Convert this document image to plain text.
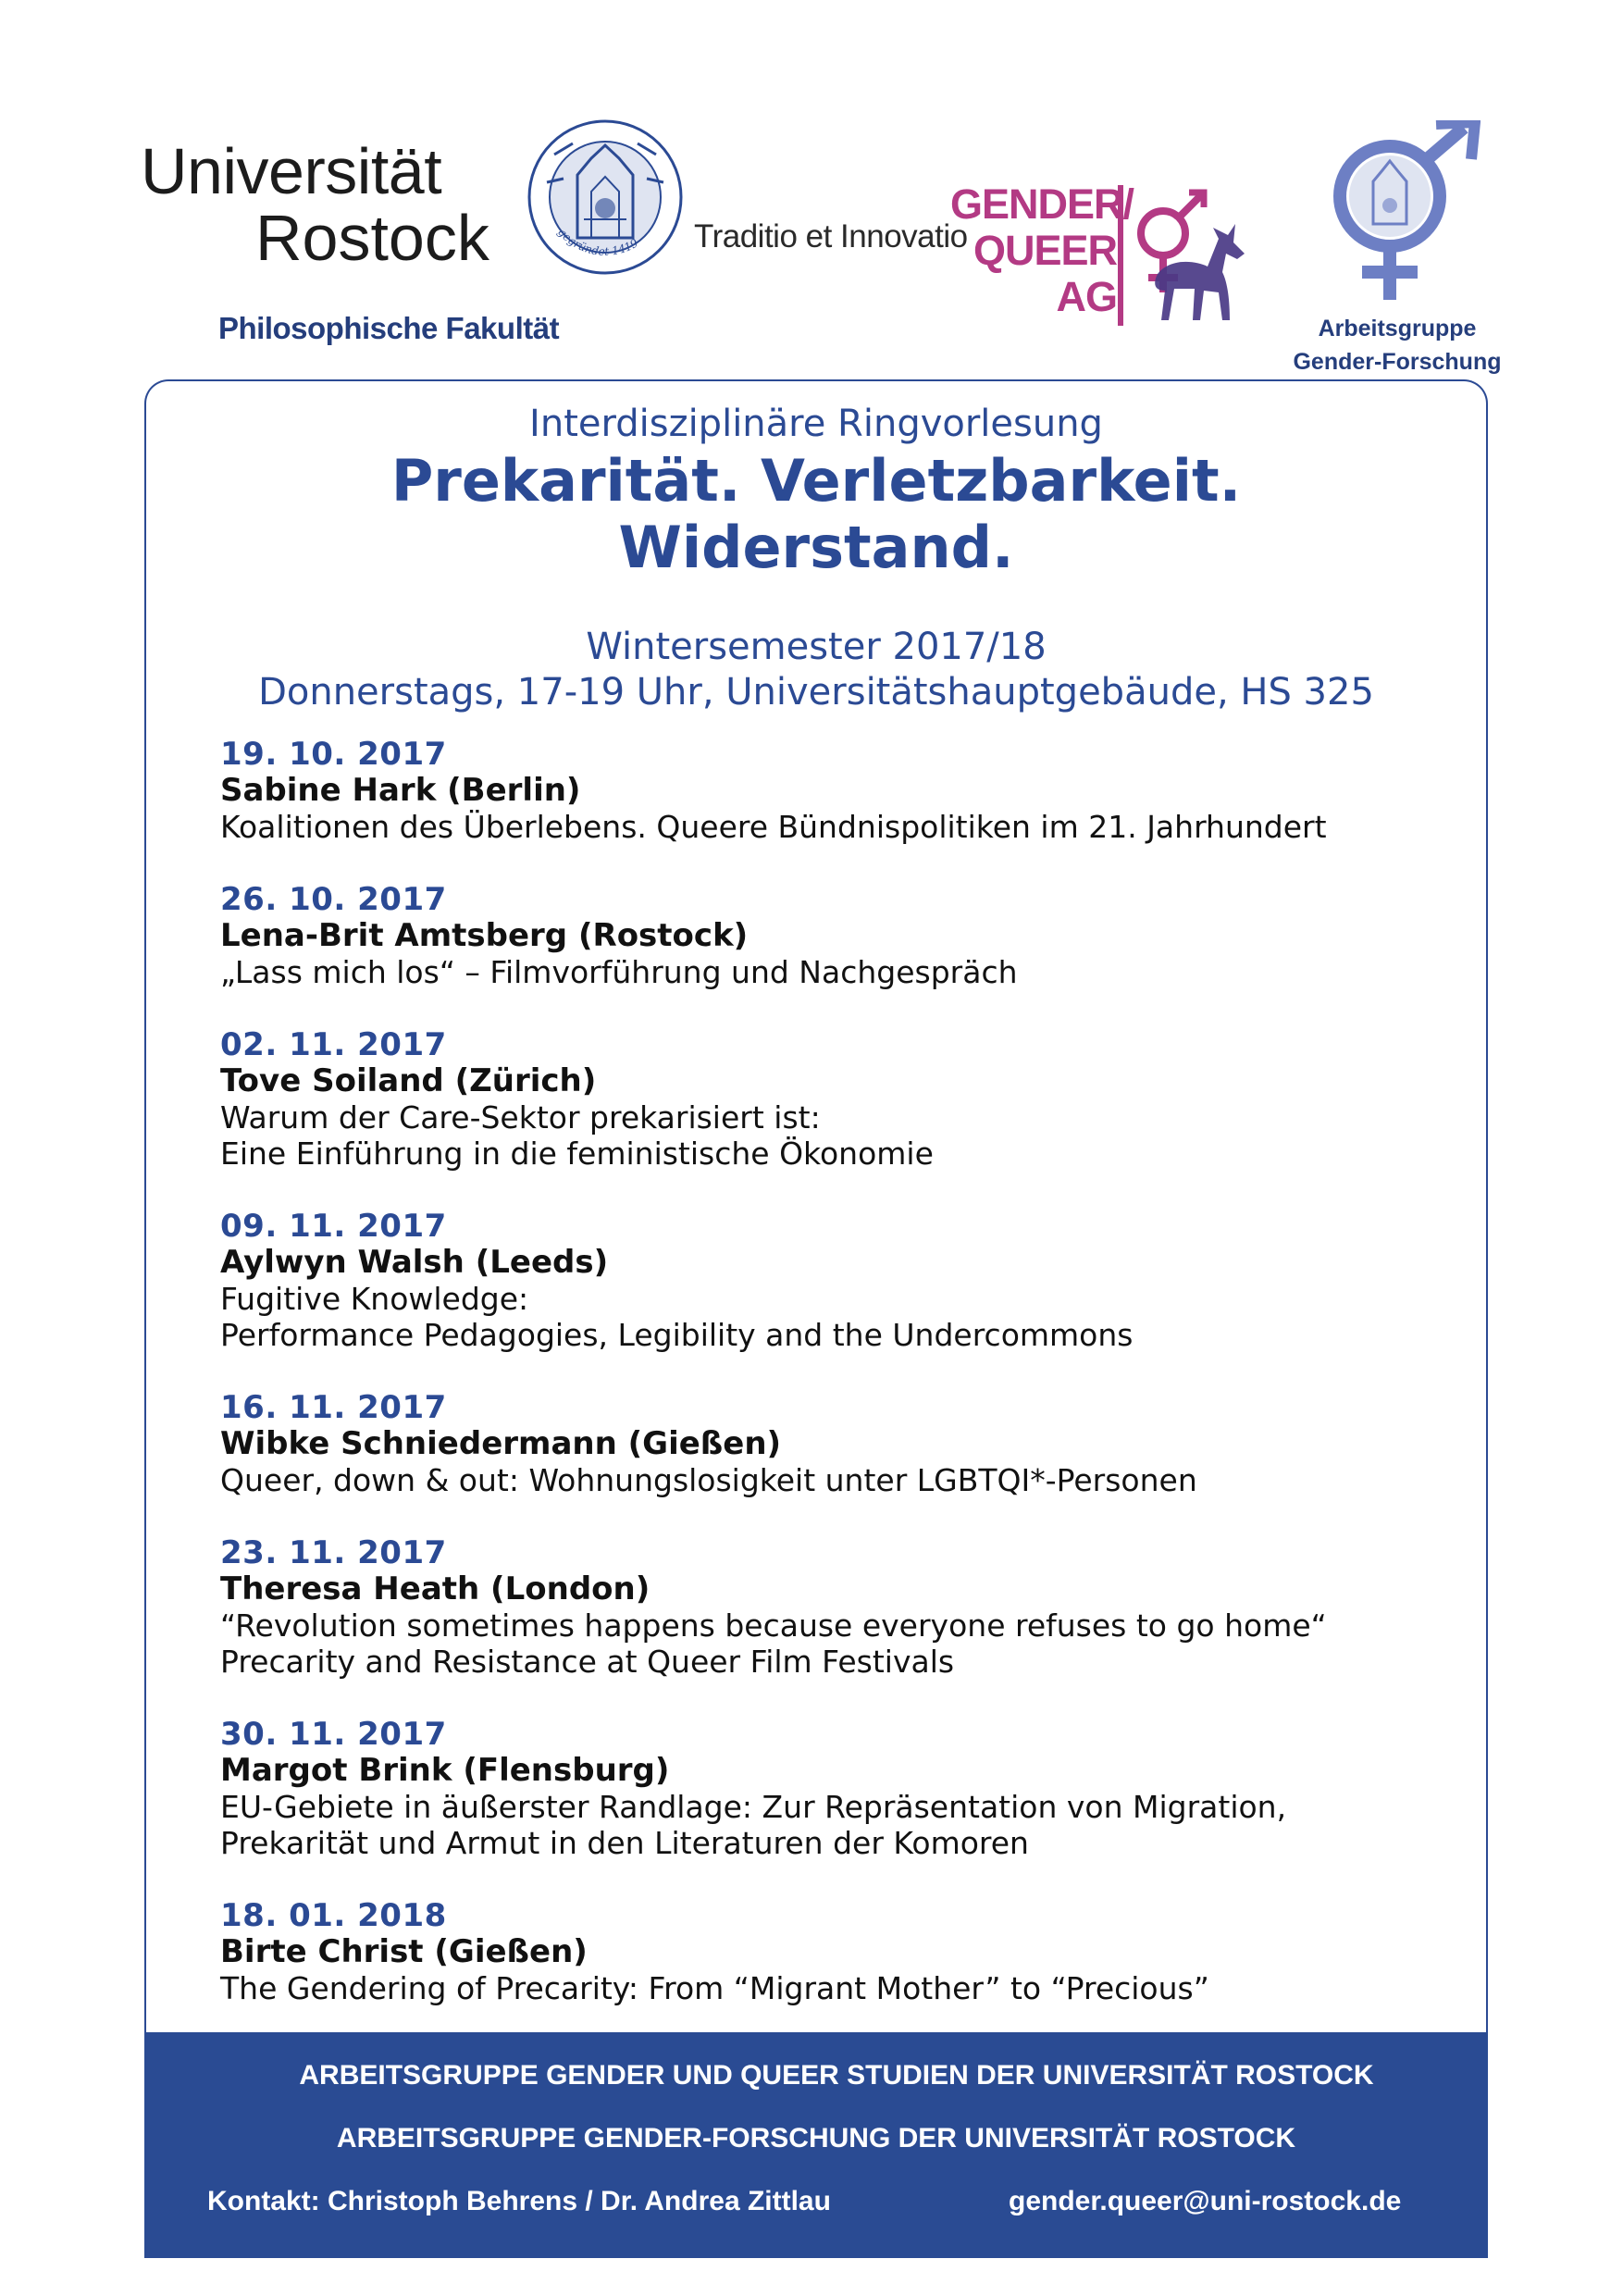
Universität
Rostock
Philosophische Fakultät
gegründet 1419 Traditio et Innovatio
GENDER/
QUEER
AG
Arbeitsgruppe
Gender-Forschung
Interdisziplinäre Ringvorlesung
Prekarität. Verletzbarkeit.
Widerstand.
Wintersemester 2017/18
Donnerstags, 17-19 Uhr, Universitätshauptgebäude, HS 325
19. 10. 2017
Sabine Hark (Berlin)
Koalitionen des Überlebens. Queere Bündnispolitiken im 21. Jahrhundert
26. 10. 2017
Lena-Brit Amtsberg (Rostock)
„Lass mich los“ – Filmvorführung und Nachgespräch
02. 11. 2017
Tove Soiland (Zürich)
Warum der Care-Sektor prekarisiert ist:
Eine Einführung in die feministische Ökonomie
09. 11. 2017
Aylwyn Walsh (Leeds)
Fugitive Knowledge:
Performance Pedagogies, Legibility and the Undercommons
16. 11. 2017
Wibke Schniedermann (Gießen)
Queer, down & out: Wohnungslosigkeit unter LGBTQI*-Personen
23. 11. 2017
Theresa Heath (London)
“Revolution sometimes happens because everyone refuses to go home“
Precarity and Resistance at Queer Film Festivals
30. 11. 2017
Margot Brink (Flensburg)
EU-Gebiete in äußerster Randlage: Zur Repräsentation von Migration,
Prekarität und Armut in den Literaturen der Komoren
18. 01. 2018
Birte Christ (Gießen)
The Gendering of Precarity: From “Migrant Mother” to “Precious”
ARBEITSGRUPPE GENDER UND QUEER STUDIEN DER UNIVERSITÄT ROSTOCK
ARBEITSGRUPPE GENDER-FORSCHUNG DER UNIVERSITÄT ROSTOCK
Kontakt: Christoph Behrens / Dr. Andrea Zittlau	gender.queer@uni-rostock.de
